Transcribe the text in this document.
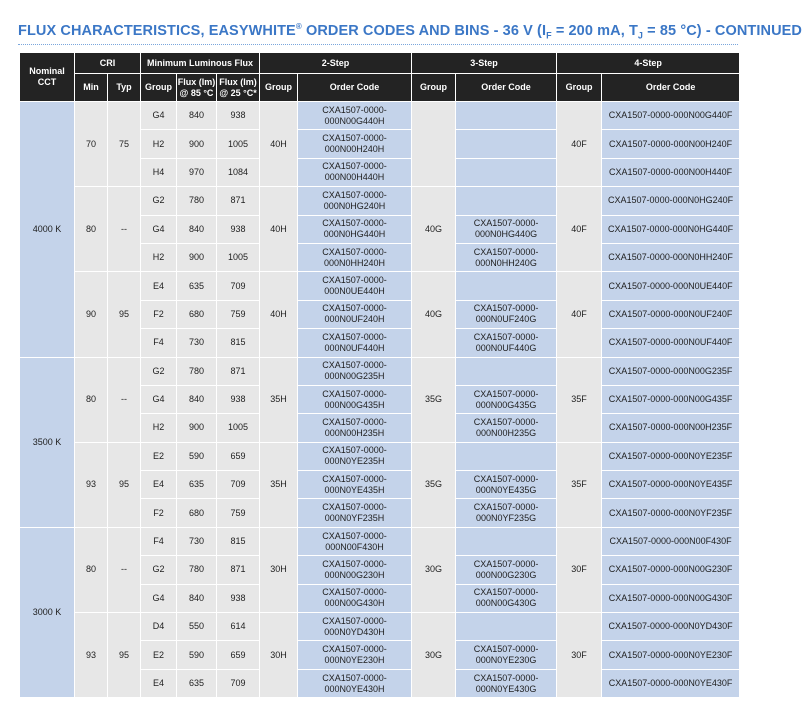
FLUX CHARACTERISTICS, EASYWHITE® ORDER CODES AND BINS - 36 V ($I_F = 200$ mA, $T_J = 85$ °C) - CONTINUED
Nominal CCT	CRI		Minimum Luminous Flux			2-Step		3-Step		4-Step	
	Min	Typ	Group	Flux (lm) @ 85 °C	Flux (lm) @ 25 °C*	Group	Order Code	Group	Order Code	Group	Order Code
4000 K	70	75	G4	840	938	40H	CXA1507-0000-000N00G440H			40F	CXA1507-0000-000N00G440F
			H2	900	1005		CXA1507-0000-000N00H240H				CXA1507-0000-000N00H240F
			H4	970	1084		CXA1507-0000-000N00H440H				CXA1507-0000-000N00H440F
	80	--	G2	780	871	40H	CXA1507-0000-000N0HG240H	40G		40F	CXA1507-0000-000N0HG240F
			G4	840	938		CXA1507-0000-000N0HG440H		CXA1507-0000-000N0HG440G		CXA1507-0000-000N0HG440F
			H2	900	1005		CXA1507-0000-000N0HH240H		CXA1507-0000-000N0HH240G		CXA1507-0000-000N0HH240F
	90	95	E4	635	709	40H	CXA1507-0000-000N0UE440H	40G		40F	CXA1507-0000-000N0UE440F
			F2	680	759		CXA1507-0000-000N0UF240H		CXA1507-0000-000N0UF240G		CXA1507-0000-000N0UF240F
			F4	730	815		CXA1507-0000-000N0UF440H		CXA1507-0000-000N0UF440G		CXA1507-0000-000N0UF440F
3500 K	80	--	G2	780	871	35H	CXA1507-0000-000N00G235H	35G		35F	CXA1507-0000-000N00G235F
			G4	840	938		CXA1507-0000-000N00G435H		CXA1507-0000-000N00G435G		CXA1507-0000-000N00G435F
			H2	900	1005		CXA1507-0000-000N00H235H		CXA1507-0000-000N00H235G		CXA1507-0000-000N00H235F
	93	95	E2	590	659	35H	CXA1507-0000-000N0YE235H	35G		35F	CXA1507-0000-000N0YE235F
			E4	635	709		CXA1507-0000-000N0YE435H		CXA1507-0000-000N0YE435G		CXA1507-0000-000N0YE435F
			F2	680	759		CXA1507-0000-000N0YF235H		CXA1507-0000-000N0YF235G		CXA1507-0000-000N0YF235F
3000 K	80	--	F4	730	815	30H	CXA1507-0000-000N00F430H	30G		30F	CXA1507-0000-000N00F430F
			G2	780	871		CXA1507-0000-000N00G230H		CXA1507-0000-000N00G230G		CXA1507-0000-000N00G230F
			G4	840	938		CXA1507-0000-000N00G430H		CXA1507-0000-000N00G430G		CXA1507-0000-000N00G430F
	93	95	D4	550	614	30H	CXA1507-0000-000N0YD430H	30G		30F	CXA1507-0000-000N0YD430F
			E2	590	659		CXA1507-0000-000N0YE230H		CXA1507-0000-000N0YE230G		CXA1507-0000-000N0YE230F
			E4	635	709		CXA1507-0000-000N0YE430H		CXA1507-0000-000N0YE430G		CXA1507-0000-000N0YE430F
